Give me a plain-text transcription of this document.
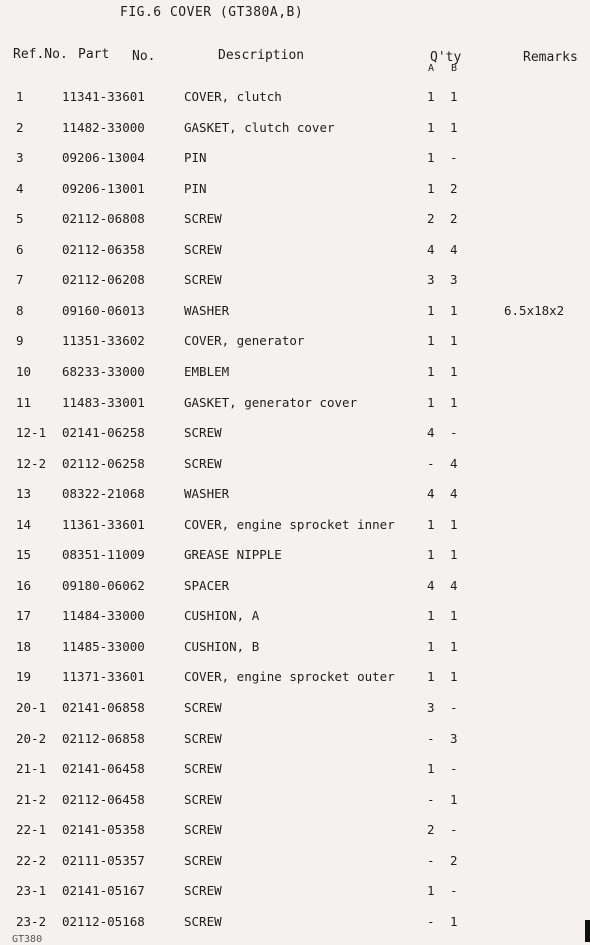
FIG.6 COVER (GT380A,B)
Ref.No. Part No.	Description	Q'ty
A B
Remarks
1	11341-33601	COVER, clutch	1 1
2	11482-33000	GASKET, clutch cover	1 1
3	09206-13004	PIN	1 -
4	09206-13001	PIN	1 2
5	02112-06808	SCREW	2 2
6	02112-06358	SCREW	4 4
7	02112-06208	SCREW	3 3
8	09160-06013	WASHER	1 1	6.5x18x2
9	11351-33602	COVER, generator	1 1
10 68233-33000	EMBLEM	1 1
11 11483-33001	GASKET, generator cover	1 1
12-1 02141-06258	SCREW	4 -
12-2 02112-06258	SCREW	- 4
13 08322-21068	WASHER	4 4
14 11361-33601	COVER, engine sprocket inner	1 1
15 08351-11009	GREASE NIPPLE	1 1
16 09180-06062	SPACER	4 4
17 11484-33000	CUSHION, A	1 1
18 11485-33000	CUSHION, B	1 1
19 11371-33601	COVER, engine sprocket outer	1 1
20-1 02141-06858	SCREW	3 -
20-2 02112-06858	SCREW	- 3
21-1 02141-06458	SCREW	1 -
21-2 02112-06458	SCREW	- 1
22-1 02141-05358	SCREW	2 -
22-2 02111-05357	SCREW	- 2
23-1 02141-05167	SCREW	1 -
23-2 02112-05168	SCREW	- 1
GT380
